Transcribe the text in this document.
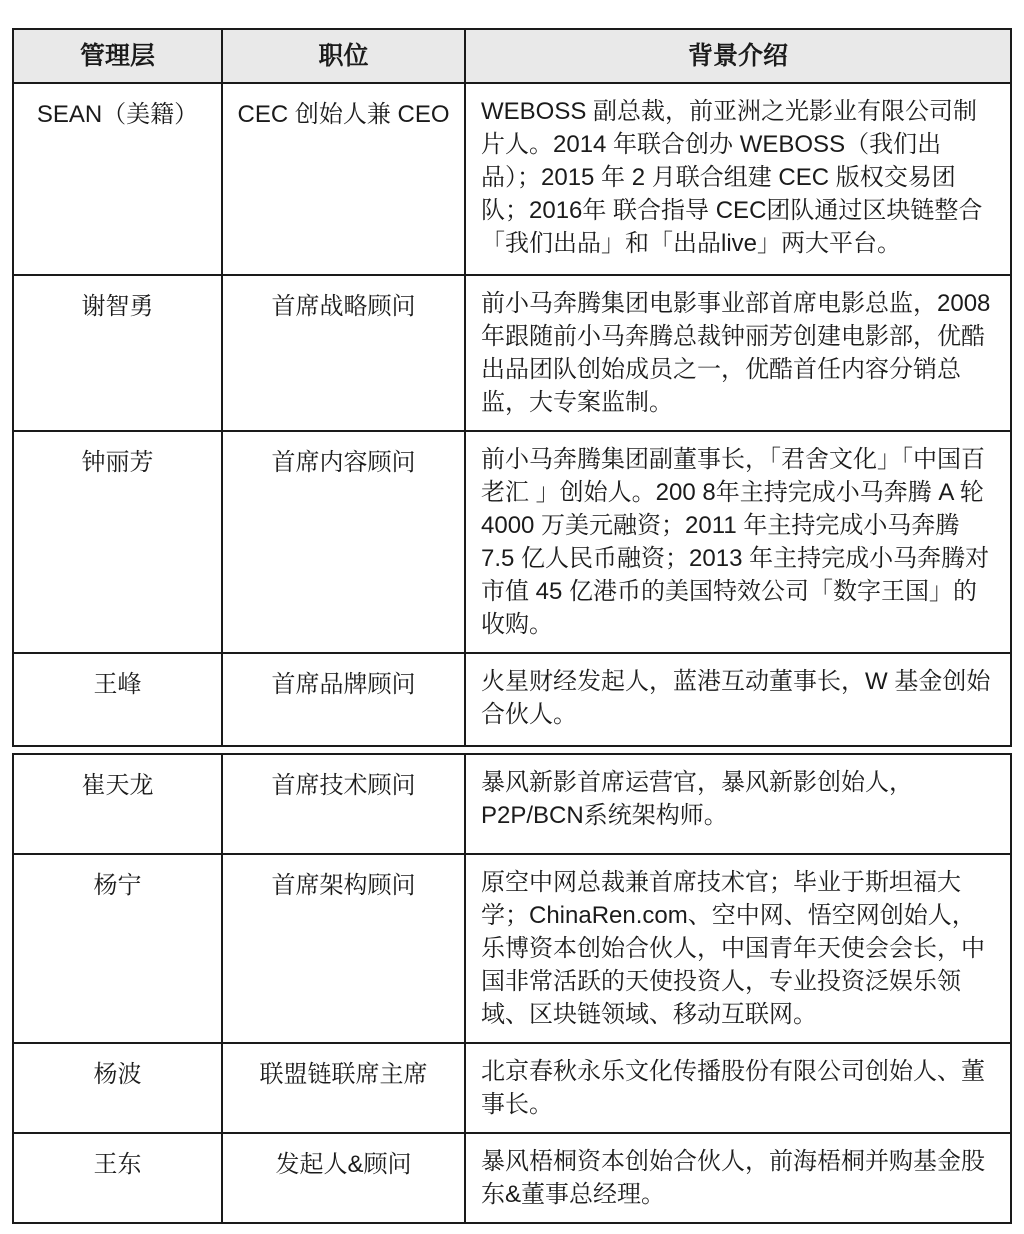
管理层	职位	背景介绍
SEAN（美籍）	CEC 创始人兼 CEO	WEBOSS 副总裁，前亚洲之光影业有限公司制片人。2014 年联合创办 WEBOSS（我们出品）；2015 年 2 月联合组建 CEC 版权交易团队；2016年 联合指导 CEC团队通过区块链整合「我们出品」和「出品live」两大平台。
谢智勇	首席战略顾问	前小马奔腾集团电影事业部首席电影总监，2008 年跟随前小马奔腾总裁钟丽芳创建电影部，优酷出品团队创始成员之一，优酷首任内容分销总监，大专案监制。
钟丽芳	首席内容顾问	前小马奔腾集团副董事长，「君舍文化」「中国百老汇 」创始人。200 8年主持完成小马奔腾 A 轮 4000 万美元融资；2011 年主持完成小马奔腾 7.5 亿人民币融资；2013 年主持完成小马奔腾对市值 45 亿港币的美国特效公司「数字王国」的收购。
王峰	首席品牌顾问	火星财经发起人，蓝港互动董事长，W 基金创始合伙人。
崔天龙	首席技术顾问	暴风新影首席运营官，暴风新影创始人，P2P/BCN系统架构师。
杨宁	首席架构顾问	原空中网总裁兼首席技术官；毕业于斯坦福大学；ChinaRen.com、空中网、悟空网创始人，乐博资本创始合伙人，中国青年天使会会长，中国非常活跃的天使投资人，专业投资泛娱乐领域、区块链领域、移动互联网。
杨波	联盟链联席主席	北京春秋永乐文化传播股份有限公司创始人、董事长。
王东	发起人&顾问	暴风梧桐资本创始合伙人，前海梧桐并购基金股东&董事总经理。
